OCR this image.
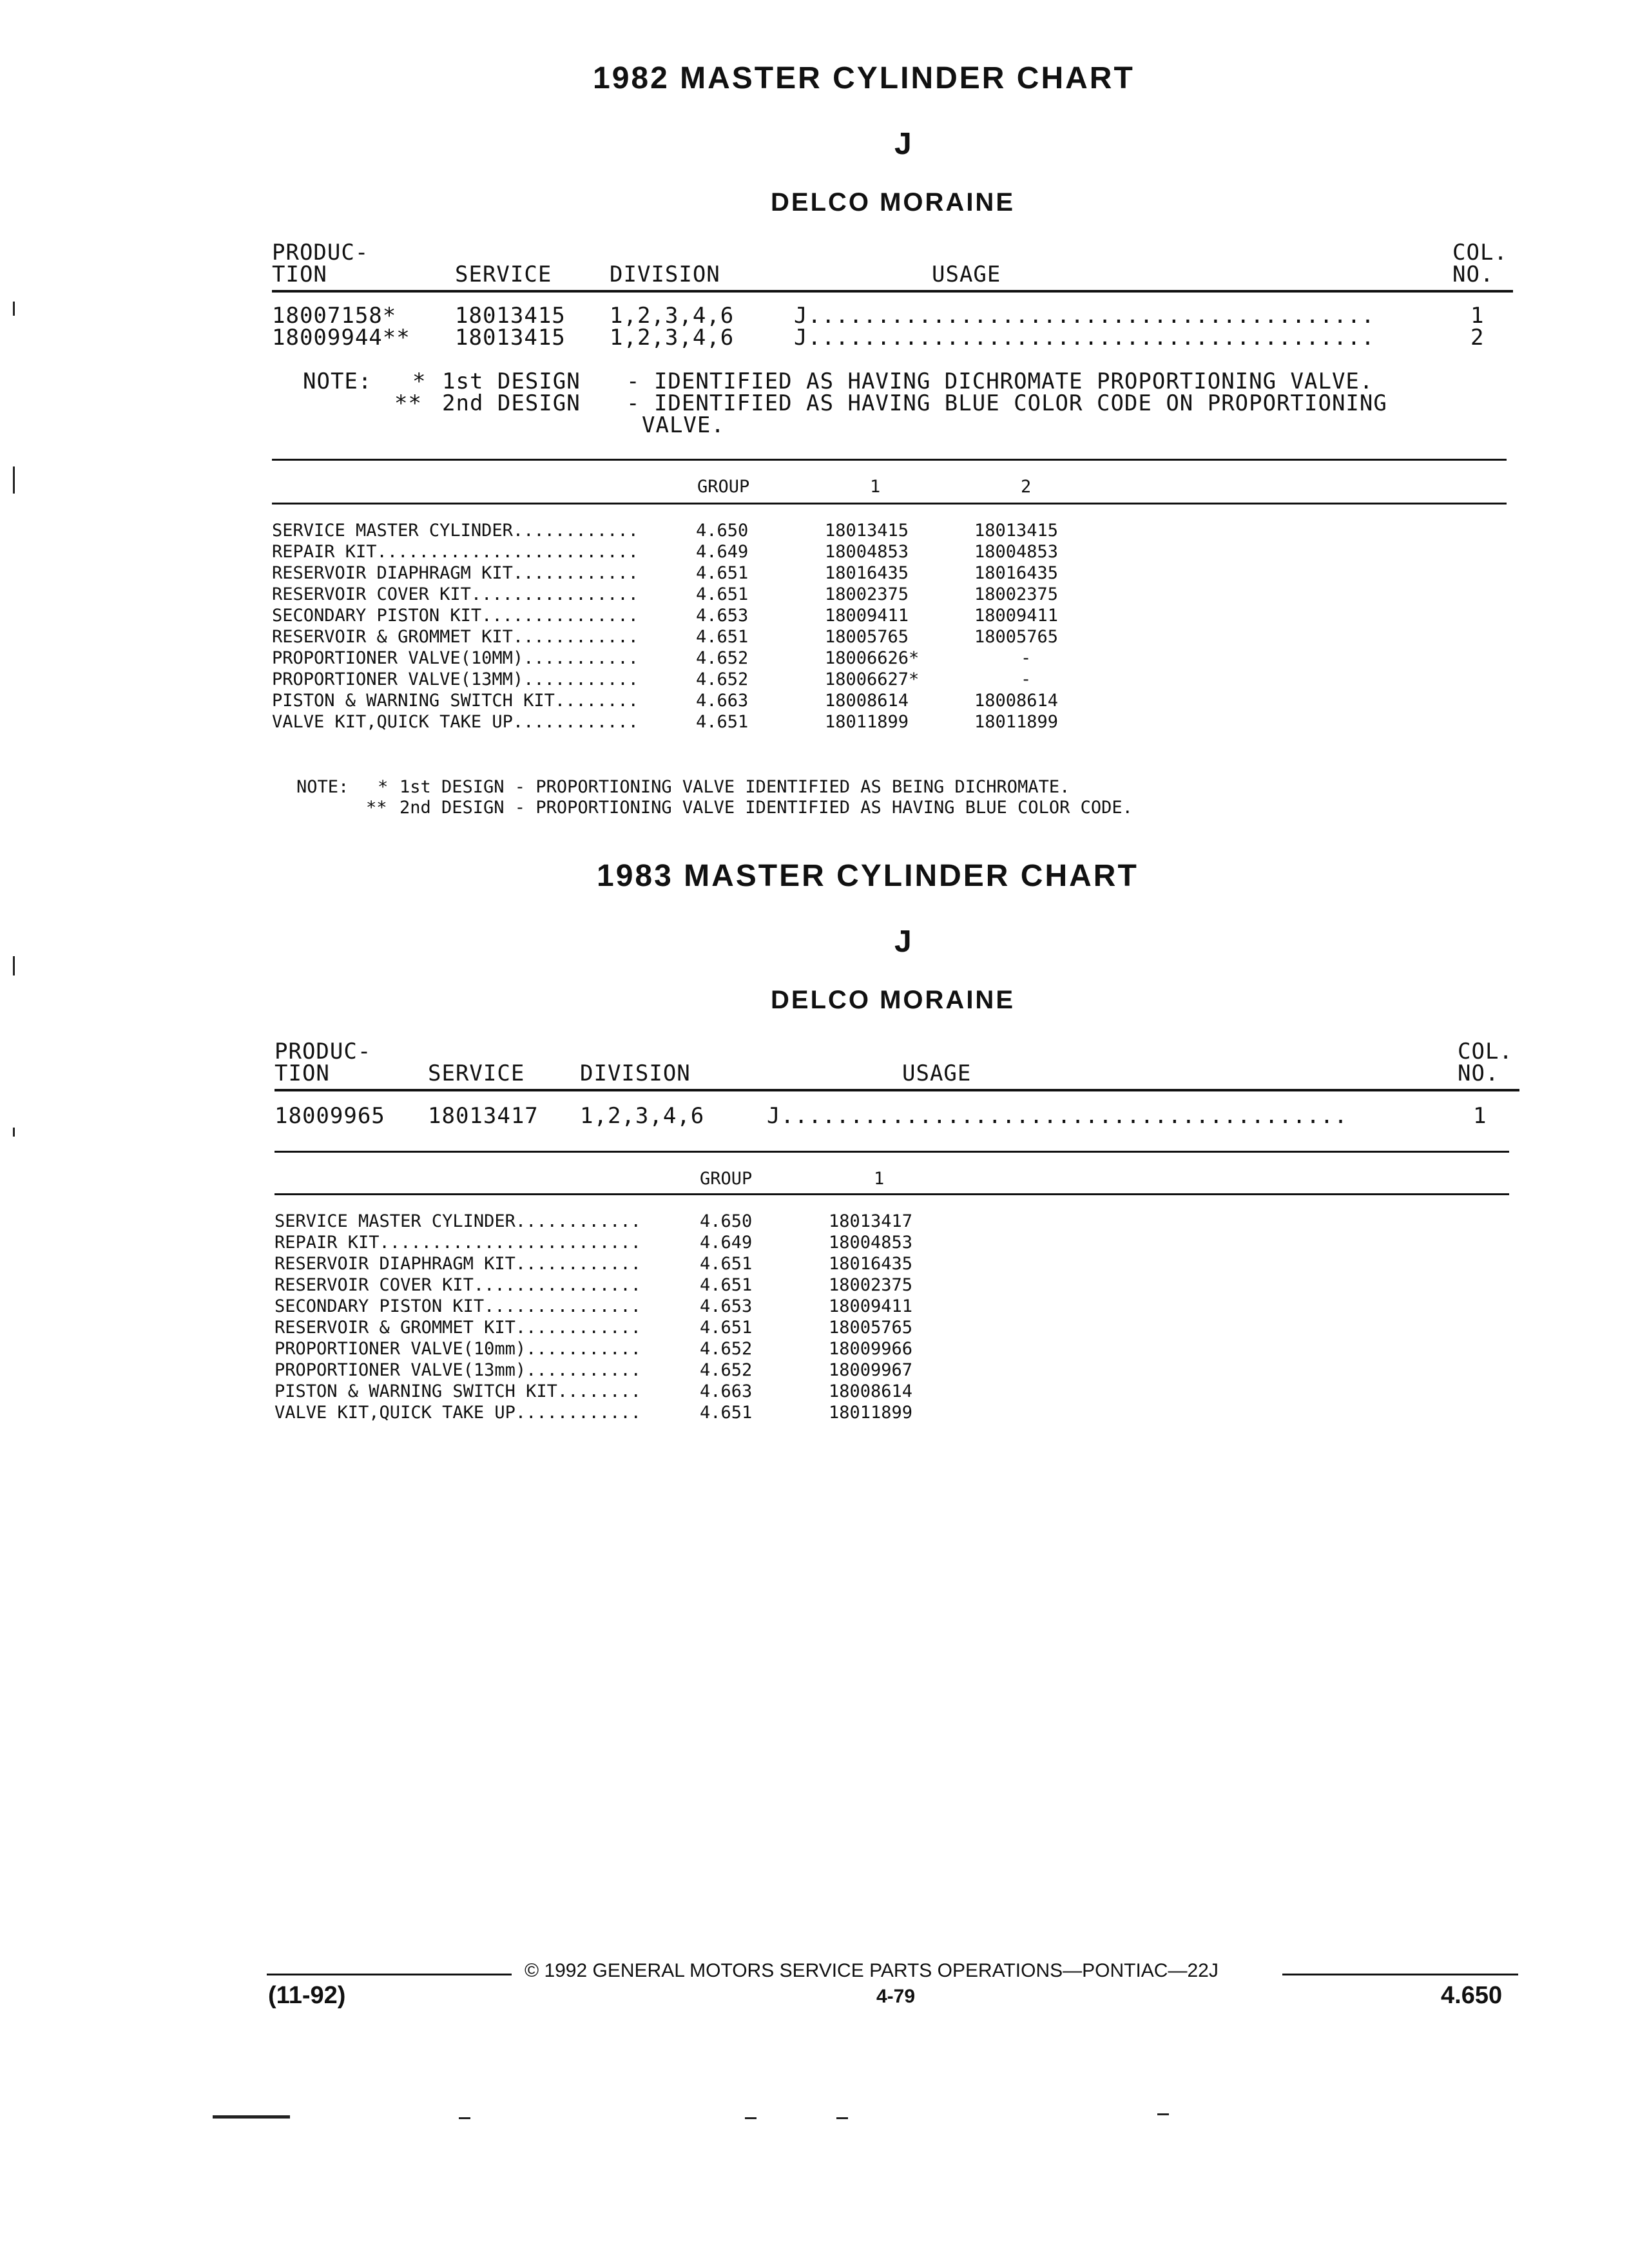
1982 MASTER CYLINDER CHART
J
DELCO MORAINE
PRODUC-
TION	SERVICE	DIVISION	USAGE
COL.
NO.
18007158*	18013415 1,2,3,4,6	J.........................................	1
18009944** 18013415 1,2,3,4,6	J.........................................	2
NOTE: * 1st DESIGN - IDENTIFIED AS HAVING DICHROMATE PROPORTIONING VALVE.
** 2nd DESIGN - IDENTIFIED AS HAVING BLUE COLOR CODE ON PROPORTIONING
VALVE.
GROUP	1	2
SERVICE MASTER CYLINDER............	4.650	18013415	18013415
REPAIR KIT.........................	4.649	18004853	18004853
RESERVOIR DIAPHRAGM KIT............	4.651	18016435	18016435
RESERVOIR COVER KIT................	4.651	18002375	18002375
SECONDARY PISTON KIT...............	4.653	18009411	18009411
RESERVOIR & GROMMET KIT............	4.651	18005765	18005765
PROPORTIONER VALVE(10MM)...........	4.652	18006626*	-
PROPORTIONER VALVE(13MM)...........	4.652	18006627*	-
PISTON & WARNING SWITCH KIT........	4.663	18008614	18008614
VALVE KIT,QUICK TAKE UP............	4.651	18011899	18011899
NOTE: * 1st DESIGN - PROPORTIONING VALVE IDENTIFIED AS BEING DICHROMATE.
** 2nd DESIGN - PROPORTIONING VALVE IDENTIFIED AS HAVING BLUE COLOR CODE.
1983 MASTER CYLINDER CHART
J
DELCO MORAINE
PRODUC-
TION	SERVICE	DIVISION	USAGE
COL.
NO.
18009965 18013417 1,2,3,4,6	J.........................................	1
GROUP	1
SERVICE MASTER CYLINDER............	4.650	18013417
REPAIR KIT.........................	4.649	18004853
RESERVOIR DIAPHRAGM KIT............	4.651	18016435
RESERVOIR COVER KIT................	4.651	18002375
SECONDARY PISTON KIT...............	4.653	18009411
RESERVOIR & GROMMET KIT............	4.651	18005765
PROPORTIONER VALVE(10mm)...........	4.652	18009966
PROPORTIONER VALVE(13mm)...........	4.652	18009967
PISTON & WARNING SWITCH KIT........	4.663	18008614
VALVE KIT,QUICK TAKE UP............	4.651	18011899
© 1992 GENERAL MOTORS SERVICE PARTS OPERATIONS—PONTIAC—22J
(11-92)	4-79	4.650
